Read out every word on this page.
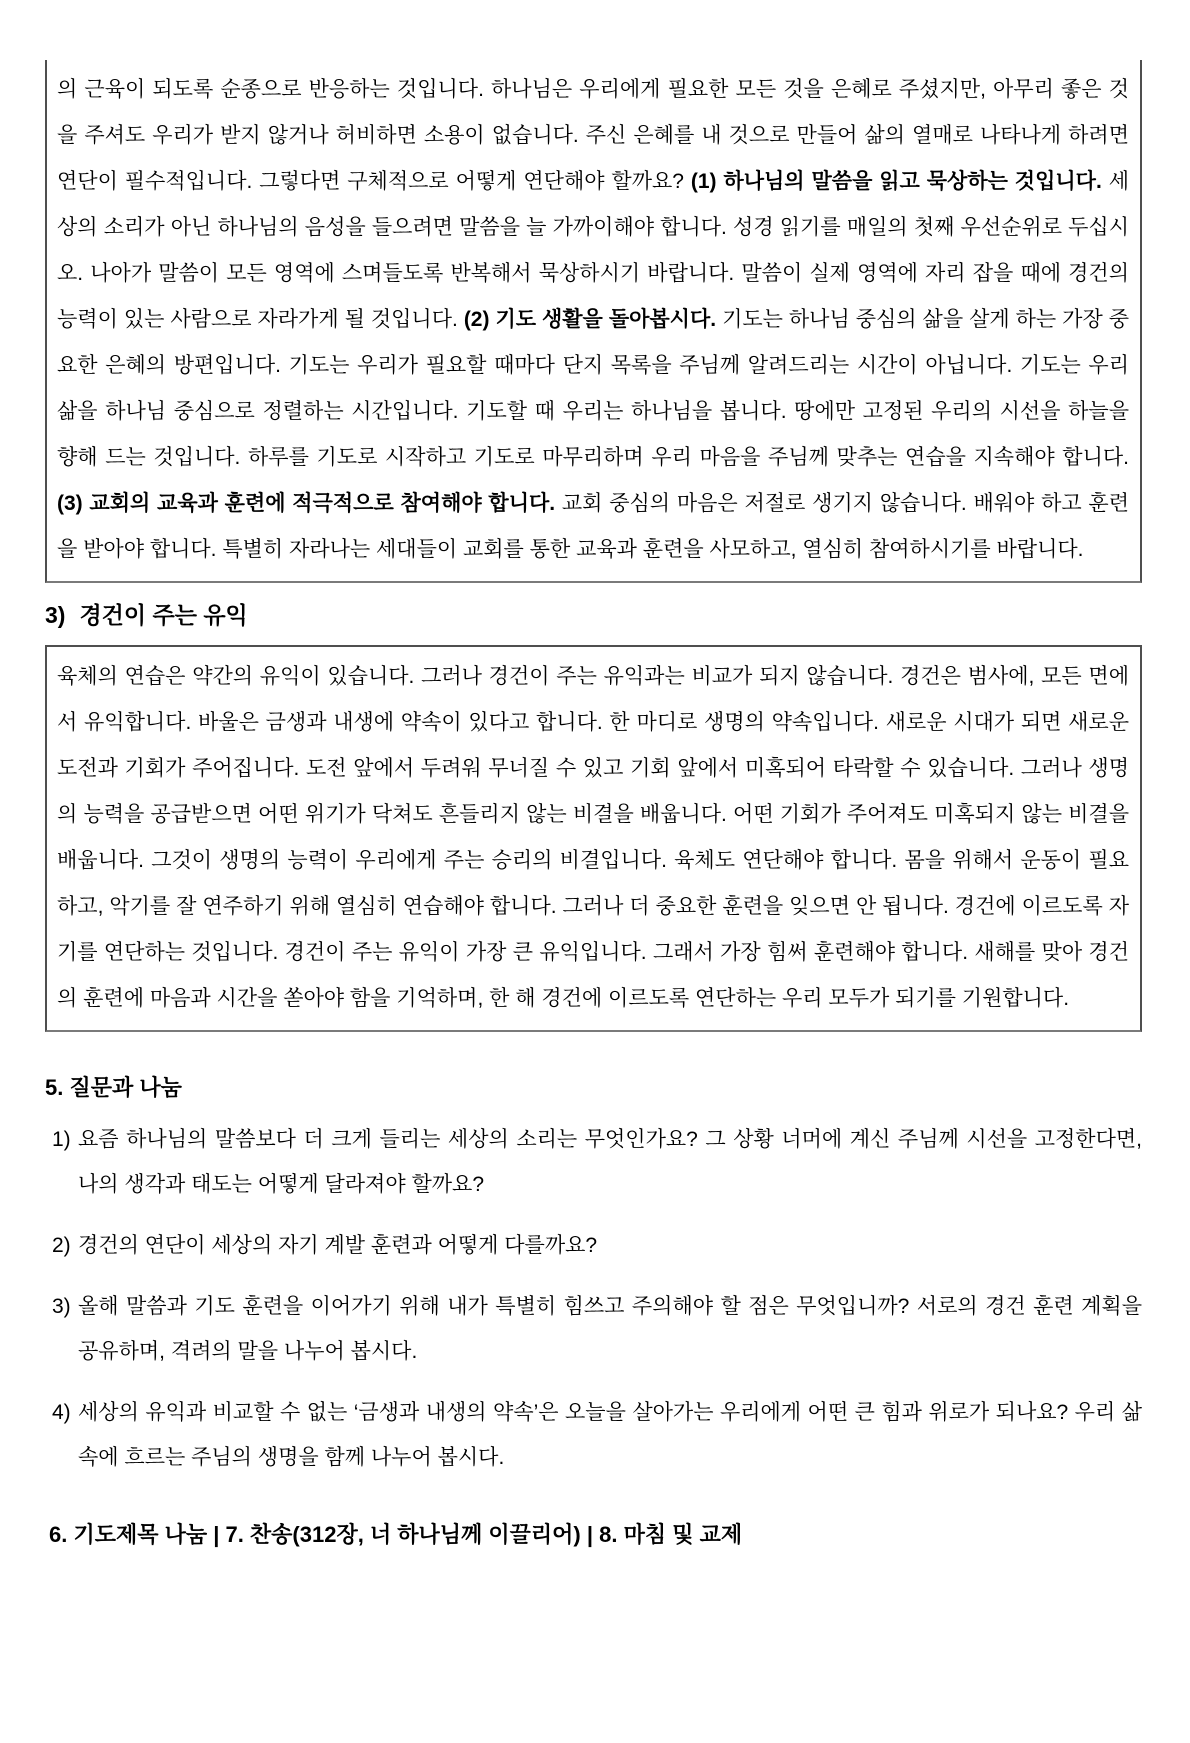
의 근육이 되도록 순종으로 반응하는 것입니다. 하나님은 우리에게 필요한 모든 것을 은혜로 주셨지만, 아무리 좋은 것을 주셔도 우리가 받지 않거나 허비하면 소용이 없습니다. 주신 은혜를 내 것으로 만들어 삶의 열매로 나타나게 하려면 연단이 필수적입니다. 그렇다면 구체적으로 어떻게 연단해야 할까요? (1) 하나님의 말씀을 읽고 묵상하는 것입니다. 세상의 소리가 아닌 하나님의 음성을 들으려면 말씀을 늘 가까이해야 합니다. 성경 읽기를 매일의 첫째 우선순위로 두십시오. 나아가 말씀이 모든 영역에 스며들도록 반복해서 묵상하시기 바랍니다. 말씀이 실제 영역에 자리 잡을 때에 경건의 능력이 있는 사람으로 자라가게 될 것입니다. (2) 기도 생활을 돌아봅시다. 기도는 하나님 중심의 삶을 살게 하는 가장 중요한 은혜의 방편입니다. 기도는 우리가 필요할 때마다 단지 목록을 주님께 알려드리는 시간이 아닙니다. 기도는 우리 삶을 하나님 중심으로 정렬하는 시간입니다. 기도할 때 우리는 하나님을 봅니다. 땅에만 고정된 우리의 시선을 하늘을 향해 드는 것입니다. 하루를 기도로 시작하고 기도로 마무리하며 우리 마음을 주님께 맞추는 연습을 지속해야 합니다. (3) 교회의 교육과 훈련에 적극적으로 참여해야 합니다. 교회 중심의 마음은 저절로 생기지 않습니다. 배워야 하고 훈련을 받아야 합니다. 특별히 자라나는 세대들이 교회를 통한 교육과 훈련을 사모하고, 열심히 참여하시기를 바랍니다.
3) 경건이 주는 유익
육체의 연습은 약간의 유익이 있습니다. 그러나 경건이 주는 유익과는 비교가 되지 않습니다. 경건은 범사에, 모든 면에서 유익합니다. 바울은 금생과 내생에 약속이 있다고 합니다. 한 마디로 생명의 약속입니다. 새로운 시대가 되면 새로운 도전과 기회가 주어집니다. 도전 앞에서 두려워 무너질 수 있고 기회 앞에서 미혹되어 타락할 수 있습니다. 그러나 생명의 능력을 공급받으면 어떤 위기가 닥쳐도 흔들리지 않는 비결을 배웁니다. 어떤 기회가 주어져도 미혹되지 않는 비결을 배웁니다. 그것이 생명의 능력이 우리에게 주는 승리의 비결입니다. 육체도 연단해야 합니다. 몸을 위해서 운동이 필요하고, 악기를 잘 연주하기 위해 열심히 연습해야 합니다. 그러나 더 중요한 훈련을 잊으면 안 됩니다. 경건에 이르도록 자기를 연단하는 것입니다. 경건이 주는 유익이 가장 큰 유익입니다. 그래서 가장 힘써 훈련해야 합니다. 새해를 맞아 경건의 훈련에 마음과 시간을 쏟아야 함을 기억하며, 한 해 경건에 이르도록 연단하는 우리 모두가 되기를 기원합니다.
5. 질문과 나눔
1) 요즘 하나님의 말씀보다 더 크게 들리는 세상의 소리는 무엇인가요? 그 상황 너머에 계신 주님께 시선을 고정한다면, 나의 생각과 태도는 어떻게 달라져야 할까요?
2) 경건의 연단이 세상의 자기 계발 훈련과 어떻게 다를까요?
3) 올해 말씀과 기도 훈련을 이어가기 위해 내가 특별히 힘쓰고 주의해야 할 점은 무엇입니까? 서로의 경건 훈련 계획을 공유하며, 격려의 말을 나누어 봅시다.
4) 세상의 유익과 비교할 수 없는 ‘금생과 내생의 약속’은 오늘을 살아가는 우리에게 어떤 큰 힘과 위로가 되나요? 우리 삶 속에 흐르는 주님의 생명을 함께 나누어 봅시다.
6. 기도제목 나눔 | 7. 찬송(312장, 너 하나님께 이끌리어) | 8. 마침 및 교제
